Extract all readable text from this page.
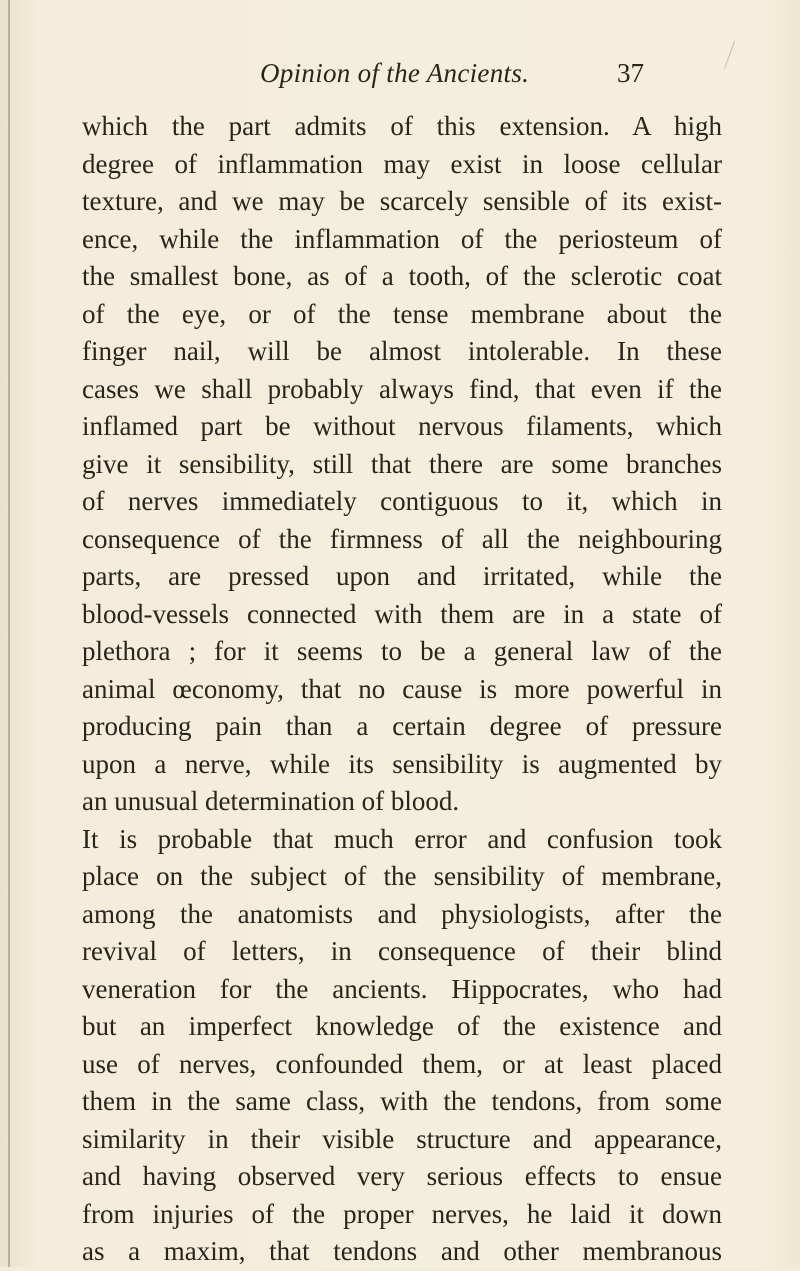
Opinion of the Ancients.	37
which the part admits of this extension. A high
degree of inflammation may exist in loose cellular
texture, and we may be scarcely sensible of its exist-
ence, while the inflammation of the periosteum of
the smallest bone, as of a tooth, of the sclerotic coat
of the eye, or of the tense membrane about the
finger nail, will be almost intolerable. In these
cases we shall probably always find, that even if the
inflamed part be without nervous filaments, which
give it sensibility, still that there are some branches
of nerves immediately contiguous to it, which in
consequence of the firmness of all the neighbouring
parts, are pressed upon and irritated, while the
blood-vessels connected with them are in a state of
plethora ; for it seems to be a general law of the
animal œconomy, that no cause is more powerful in
producing pain than a certain degree of pressure
upon a nerve, while its sensibility is augmented by
an unusual determination of blood.
It is probable that much error and confusion took
place on the subject of the sensibility of membrane,
among the anatomists and physiologists, after the
revival of letters, in consequence of their blind
veneration for the ancients. Hippocrates, who had
but an imperfect knowledge of the existence and
use of nerves, confounded them, or at least placed
them in the same class, with the tendons, from some
similarity in their visible structure and appearance,
and having observed very serious effects to ensue
from injuries of the proper nerves, he laid it down
as a maxim, that tendons and other membranous
